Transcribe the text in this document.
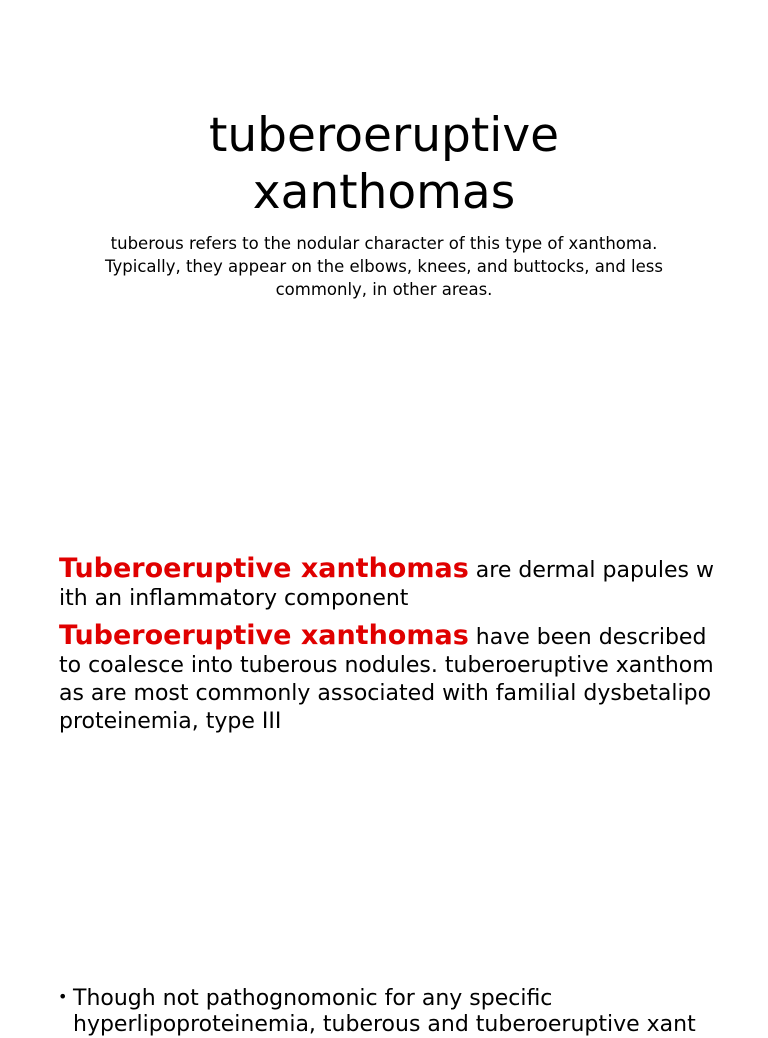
tuberoeruptive
xanthomas

tuberous refers to the nodular character of this type of xanthoma. Typically, they appear on the elbows, knees, and buttocks, and less commonly, in other areas.

Tuberoeruptive xanthomas are dermal papules with an inflammatory component

Tuberoeruptive xanthomas have been described to coalesce into tuberous nodules. tuberoeruptive xanthomas are most commonly associated with familial dysbetalipoproteinemia, type III

• Though not pathognomonic for any specific
hyperlipoproteinemia, tuberous and tuberoeruptive xant
